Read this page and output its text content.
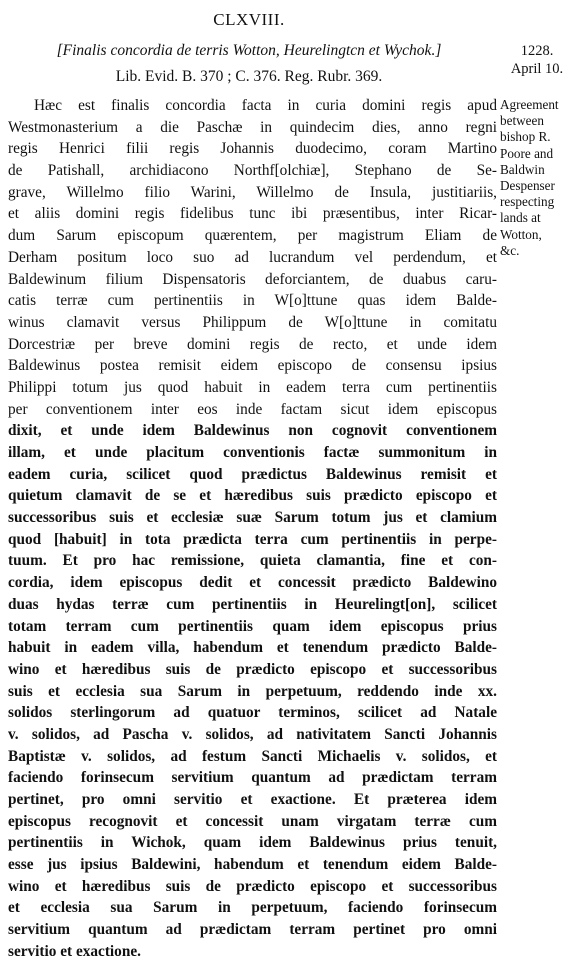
CLXVIII.
[Finalis concordia de terris Wotton, Heurelingtcn et Wychok.]
Lib. Evid. B. 370 ; C. 376. Reg. Rubr. 369.
1228.
April 10.
Agreement
between
bishop R.
Poore and
Baldwin
Despenser
respecting
lands at
Wotton,
&c.
Hæc est finalis concordia facta in curia domini regis apud
Westmonasterium a die Paschæ in quindecim dies, anno regni
regis Henrici filii regis Johannis duodecimo, coram Martino
de Patishall, archidiacono Northf[olchiæ], Stephano de Se-
grave, Willelmo filio Warini, Willelmo de Insula, justitiariis,
et aliis domini regis fidelibus tunc ibi præsentibus, inter Ricar-
dum Sarum episcopum quærentem, per magistrum Eliam de
Derham positum loco suo ad lucrandum vel perdendum, et
Baldewinum filium Dispensatoris deforciantem, de duabus caru-
catis terræ cum pertinentiis in W[o]ttune quas idem Balde-
winus clamavit versus Philippum de W[o]ttune in comitatu
Dorcestriæ per breve domini regis de recto, et unde idem
Baldewinus postea remisit eidem episcopo de consensu ipsius
Philippi totum jus quod habuit in eadem terra cum pertinentiis
per conventionem inter eos inde factam sicut idem episcopus
dixit, et unde idem Baldewinus non cognovit conventionem
illam, et unde placitum conventionis factæ summonitum in
eadem curia, scilicet quod prædictus Baldewinus remisit et
quietum clamavit de se et hæredibus suis prædicto episcopo et
successoribus suis et ecclesiæ suæ Sarum totum jus et clamium
quod [habuit] in tota prædicta terra cum pertinentiis in perpe-
tuum. Et pro hac remissione, quieta clamantia, fine et con-
cordia, idem episcopus dedit et concessit prædicto Baldewino
duas hydas terræ cum pertinentiis in Heurelingt[on], scilicet
totam terram cum pertinentiis quam idem episcopus prius
habuit in eadem villa, habendum et tenendum prædicto Balde-
wino et hæredibus suis de prædicto episcopo et successoribus
suis et ecclesia sua Sarum in perpetuum, reddendo inde xx.
solidos sterlingorum ad quatuor terminos, scilicet ad Natale
v. solidos, ad Pascha v. solidos, ad nativitatem Sancti Johannis
Baptistæ v. solidos, ad festum Sancti Michaelis v. solidos, et
faciendo forinsecum servitium quantum ad prædictam terram
pertinet, pro omni servitio et exactione. Et præterea idem
episcopus recognovit et concessit unam virgatam terræ cum
pertinentiis in Wichok, quam idem Baldewinus prius tenuit,
esse jus ipsius Baldewini, habendum et tenendum eidem Balde-
wino et hæredibus suis de prædicto episcopo et successoribus
et ecclesia sua Sarum in perpetuum, faciendo forinsecum
servitium quantum ad prædictam terram pertinet pro omni
servitio et exactione.
